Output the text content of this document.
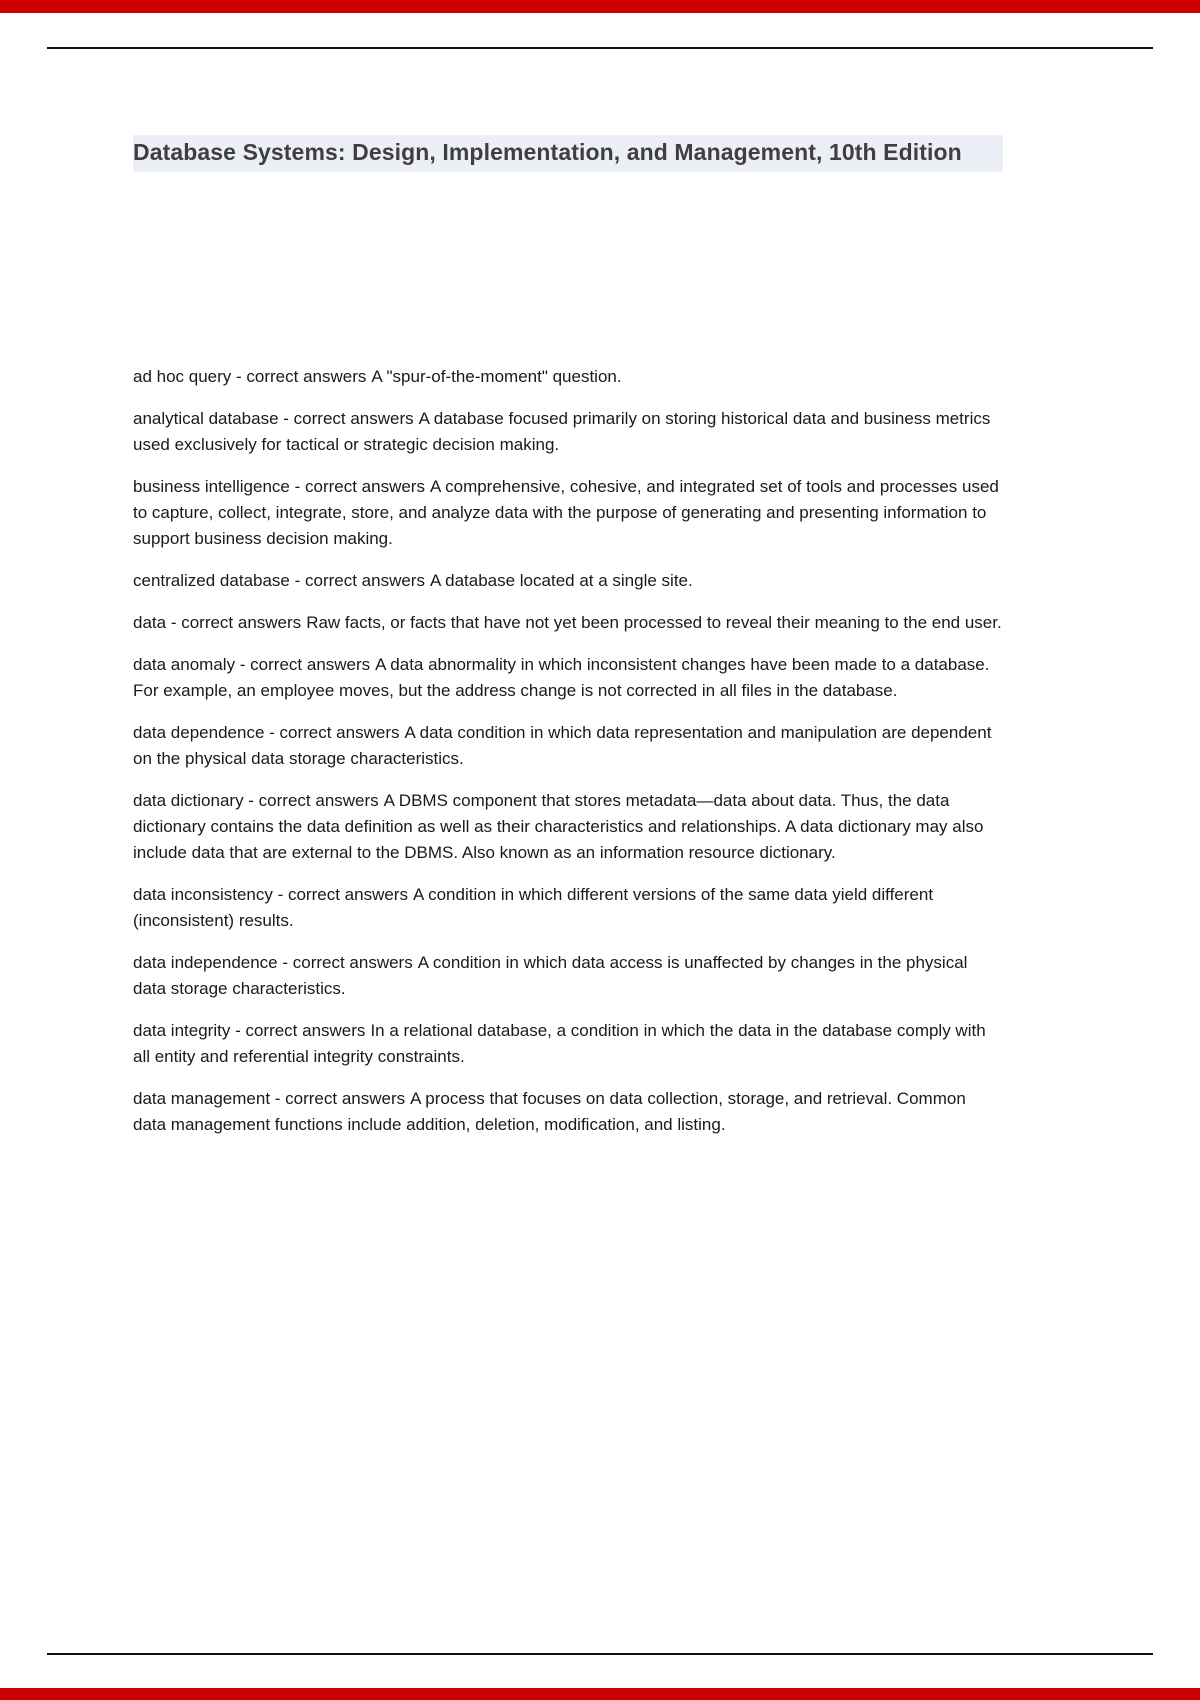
Database Systems: Design, Implementation, and Management, 10th Edition

ad hoc query - correct answers A "spur-of-the-moment" question.

analytical database - correct answers A database focused primarily on storing historical data and business metrics used exclusively for tactical or strategic decision making.

business intelligence - correct answers A comprehensive, cohesive, and integrated set of tools and processes used to capture, collect, integrate, store, and analyze data with the purpose of generating and presenting information to support business decision making.

centralized database - correct answers A database located at a single site.

data - correct answers Raw facts, or facts that have not yet been processed to reveal their meaning to the end user.

data anomaly - correct answers A data abnormality in which inconsistent changes have been made to a database. For example, an employee moves, but the address change is not corrected in all files in the database.

data dependence - correct answers A data condition in which data representation and manipulation are dependent on the physical data storage characteristics.

data dictionary - correct answers A DBMS component that stores metadata—data about data. Thus, the data dictionary contains the data definition as well as their characteristics and relationships. A data dictionary may also include data that are external to the DBMS. Also known as an information resource dictionary.

data inconsistency - correct answers A condition in which different versions of the same data yield different (inconsistent) results.

data independence - correct answers A condition in which data access is unaffected by changes in the physical data storage characteristics.

data integrity - correct answers In a relational database, a condition in which the data in the database comply with all entity and referential integrity constraints.

data management - correct answers A process that focuses on data collection, storage, and retrieval. Common data management functions include addition, deletion, modification, and listing.
